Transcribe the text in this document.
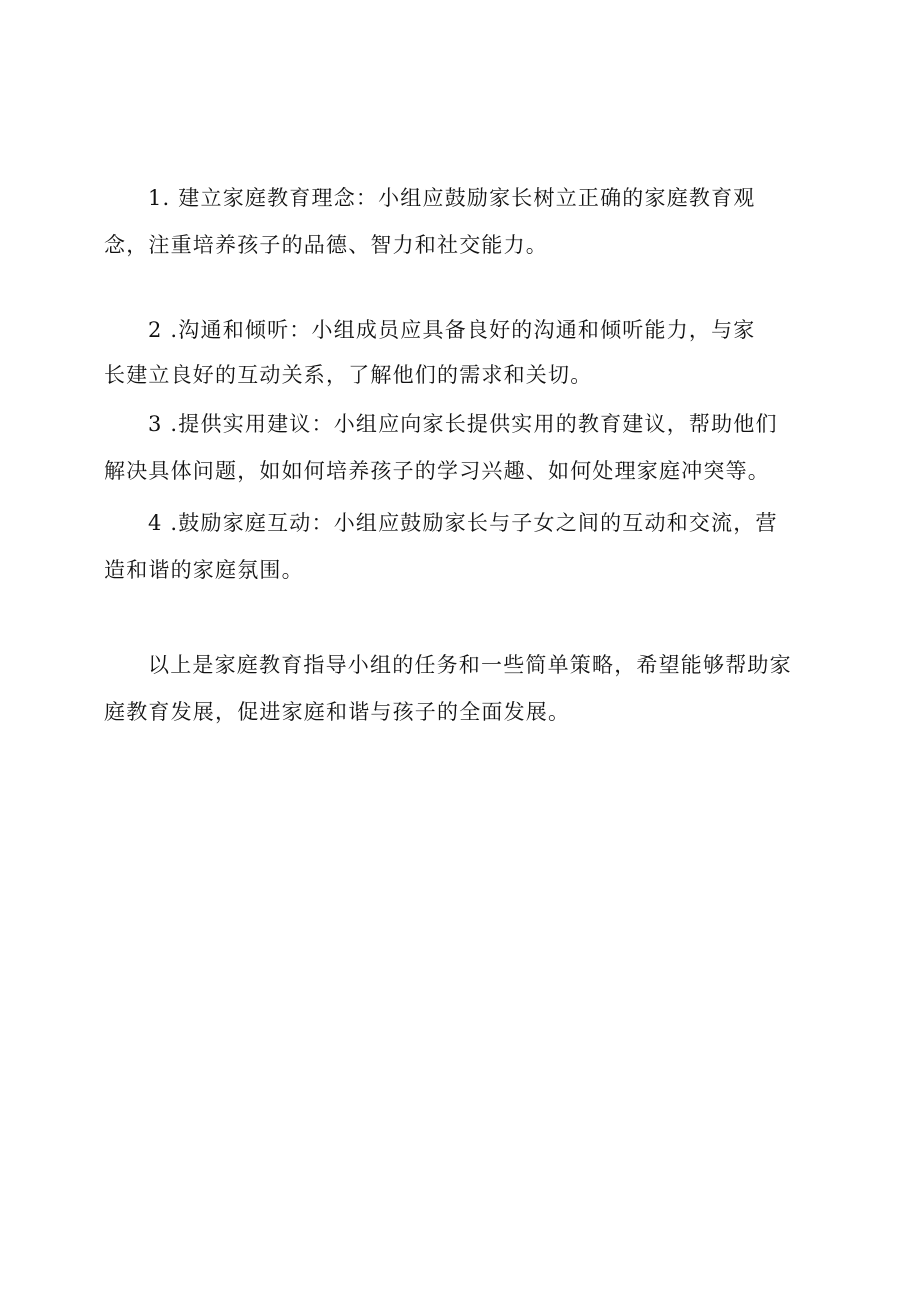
1. 建立家庭教育理念：小组应鼓励家长树立正确的家庭教育观
念，注重培养孩子的品德、智力和社交能力。
2 .沟通和倾听：小组成员应具备良好的沟通和倾听能力，与家
长建立良好的互动关系，了解他们的需求和关切。
3 .提供实用建议：小组应向家长提供实用的教育建议，帮助他们
解决具体问题，如如何培养孩子的学习兴趣、如何处理家庭冲突等。
4 .鼓励家庭互动：小组应鼓励家长与子女之间的互动和交流，营
造和谐的家庭氛围。
以上是家庭教育指导小组的任务和一些简单策略，希望能够帮助家
庭教育发展，促进家庭和谐与孩子的全面发展。
